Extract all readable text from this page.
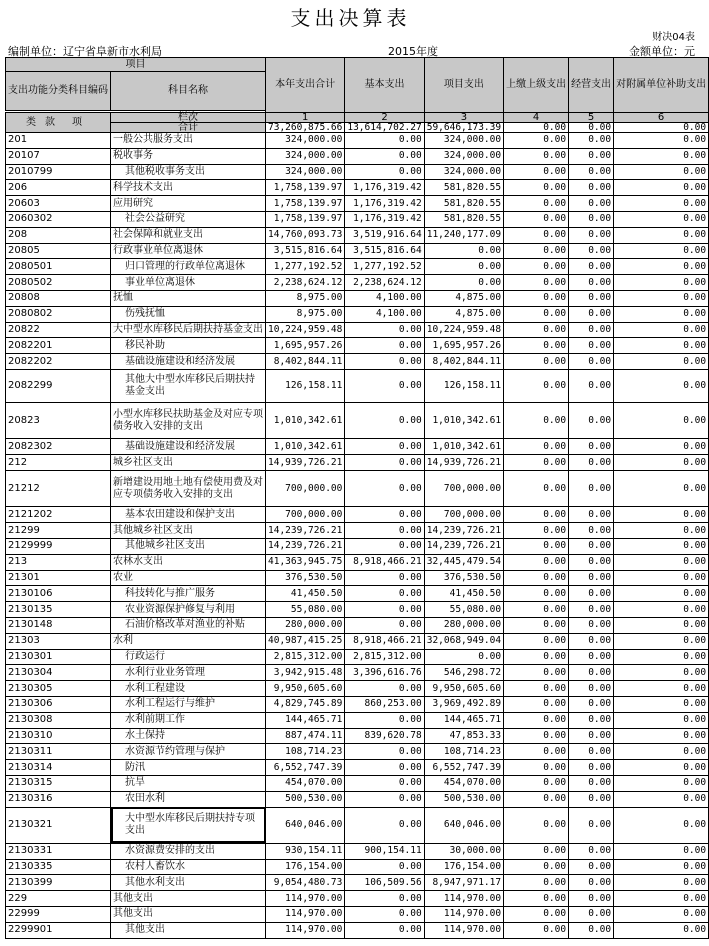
支出决算表
财决04表
编制单位：辽宁省阜新市水利局	2015年度	金额单位：元
项目		本年支出合计	基本支出	项目支出	上缴上级支出	经营支出	对附属单位补助支出
支出功能分类科目编码	科目名称						

类 款 项	栏次	1	2	3	4	5	6
	合计	73,260,875.66	13,614,702.27	59,646,173.39	0.00	0.00	0.00
201	一般公共服务支出	324,000.00	0.00	324,000.00	0.00	0.00	0.00
20107	税收事务	324,000.00	0.00	324,000.00	0.00	0.00	0.00
2010799	其他税收事务支出	324,000.00	0.00	324,000.00	0.00	0.00	0.00
206	科学技术支出	1,758,139.97	1,176,319.42	581,820.55	0.00	0.00	0.00
20603	应用研究	1,758,139.97	1,176,319.42	581,820.55	0.00	0.00	0.00
2060302	社会公益研究	1,758,139.97	1,176,319.42	581,820.55	0.00	0.00	0.00
208	社会保障和就业支出	14,760,093.73	3,519,916.64	11,240,177.09	0.00	0.00	0.00
20805	行政事业单位离退休	3,515,816.64	3,515,816.64	0.00	0.00	0.00	0.00
2080501	归口管理的行政单位离退休	1,277,192.52	1,277,192.52	0.00	0.00	0.00	0.00
2080502	事业单位离退休	2,238,624.12	2,238,624.12	0.00	0.00	0.00	0.00
20808	抚恤	8,975.00	4,100.00	4,875.00	0.00	0.00	0.00
2080802	伤残抚恤	8,975.00	4,100.00	4,875.00	0.00	0.00	0.00
20822	大中型水库移民后期扶持基金支出	10,224,959.48	0.00	10,224,959.48	0.00	0.00	0.00
2082201	移民补助	1,695,957.26	0.00	1,695,957.26	0.00	0.00	0.00
2082202	基础设施建设和经济发展	8,402,844.11	0.00	8,402,844.11	0.00	0.00	0.00
2082299	其他大中型水库移民后期扶持基金支出	126,158.11	0.00	126,158.11	0.00	0.00	0.00
20823	小型水库移民扶助基金及对应专项债务收入安排的支出	1,010,342.61	0.00	1,010,342.61	0.00	0.00	0.00
2082302	基础设施建设和经济发展	1,010,342.61	0.00	1,010,342.61	0.00	0.00	0.00
212	城乡社区支出	14,939,726.21	0.00	14,939,726.21	0.00	0.00	0.00
21212	新增建设用地土地有偿使用费及对应专项债务收入安排的支出	700,000.00	0.00	700,000.00	0.00	0.00	0.00
2121202	基本农田建设和保护支出	700,000.00	0.00	700,000.00	0.00	0.00	0.00
21299	其他城乡社区支出	14,239,726.21	0.00	14,239,726.21	0.00	0.00	0.00
2129999	其他城乡社区支出	14,239,726.21	0.00	14,239,726.21	0.00	0.00	0.00
213	农林水支出	41,363,945.75	8,918,466.21	32,445,479.54	0.00	0.00	0.00
21301	农业	376,530.50	0.00	376,530.50	0.00	0.00	0.00
2130106	科技转化与推广服务	41,450.50	0.00	41,450.50	0.00	0.00	0.00
2130135	农业资源保护修复与利用	55,080.00	0.00	55,080.00	0.00	0.00	0.00
2130148	石油价格改革对渔业的补贴	280,000.00	0.00	280,000.00	0.00	0.00	0.00
21303	水利	40,987,415.25	8,918,466.21	32,068,949.04	0.00	0.00	0.00
2130301	行政运行	2,815,312.00	2,815,312.00	0.00	0.00	0.00	0.00
2130304	水利行业业务管理	3,942,915.48	3,396,616.76	546,298.72	0.00	0.00	0.00
2130305	水利工程建设	9,950,605.60	0.00	9,950,605.60	0.00	0.00	0.00
2130306	水利工程运行与维护	4,829,745.89	860,253.00	3,969,492.89	0.00	0.00	0.00
2130308	水利前期工作	144,465.71	0.00	144,465.71	0.00	0.00	0.00
2130310	水土保持	887,474.11	839,620.78	47,853.33	0.00	0.00	0.00
2130311	水资源节约管理与保护	108,714.23	0.00	108,714.23	0.00	0.00	0.00
2130314	防汛	6,552,747.39	0.00	6,552,747.39	0.00	0.00	0.00
2130315	抗旱	454,070.00	0.00	454,070.00	0.00	0.00	0.00
2130316	农田水利	500,530.00	0.00	500,530.00	0.00	0.00	0.00
2130321	大中型水库移民后期扶持专项支出	640,046.00	0.00	640,046.00	0.00	0.00	0.00
2130331	水资源费安排的支出	930,154.11	900,154.11	30,000.00	0.00	0.00	0.00
2130335	农村人畜饮水	176,154.00	0.00	176,154.00	0.00	0.00	0.00
2130399	其他水利支出	9,054,480.73	106,509.56	8,947,971.17	0.00	0.00	0.00
229	其他支出	114,970.00	0.00	114,970.00	0.00	0.00	0.00
22999	其他支出	114,970.00	0.00	114,970.00	0.00	0.00	0.00
2299901	其他支出	114,970.00	0.00	114,970.00	0.00	0.00	0.00
